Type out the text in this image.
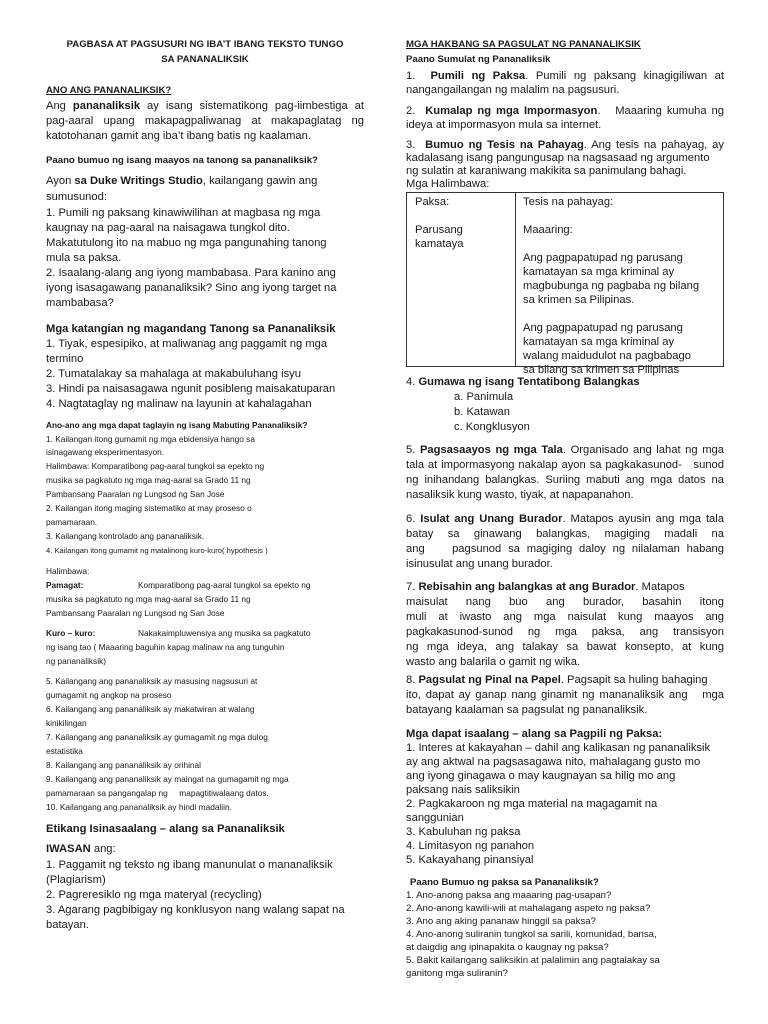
PAGBASA AT PAGSUSURI NG IBA’T IBANG TEKSTO TUNGO

SA PANANALIKSIK

ANO ANG PANANALIKSIK?

Ang pananaliksik ay isang sistematikong pag-iimbestiga at

pag-aaral upang makapagpaliwanag at makapaglatag ng

katotohanan gamit ang iba’t ibang batis ng kaalaman.

Paano bumuo ng isang maayos na tanong sa pananaliksik?

Ayon sa Duke Writings Studio, kailangang gawin ang

sumusunod:

1. Pumili ng paksang kinawiwilihan at magbasa ng mga

kaugnay na pag-aaral na naisagawa tungkol dito.

Makatutulong ito na mabuo ng mga pangunahing tanong

mula sa paksa.

2. Isaalang-alang ang iyong mambabasa. Para kanino ang

iyong isasagawang pananaliksik? Sino ang iyong target na

mambabasa?

Mga katangian ng magandang Tanong sa Pananaliksik

1. Tiyak, espesipiko, at maliwanag ang paggamit ng mga

termino

2. Tumatalakay sa mahalaga at makabuluhang isyu

3. Hindi pa naisasagawa ngunit posibleng maisakatuparan

4. Nagtataglay ng malinaw na layunin at kahalagahan

Ano-ano ang mga dapat taglayin ng isang Mabuting Pananaliksik?

1. Kailangan itong gumamit ng mga ebidensiya hango sa

isinagawang eksperimentasyon.

Halimbawa: Komparatibong pag-aaral tungkol sa epekto ng

musika sa pagkatuto ng mga mag-aaral sa Grado 11 ng

Pambansang Paaralan ng Lungsod ng San Jose

2. Kailangan itong maging sistematiko at may proseso o

pamamaraan.

3. Kailangang kontrolado ang pananaliksik.

4. Kailangan itong gumamit ng matalinong kuro-kuro( hypothesis )

Halimbawa:

Pamagat:	Komparatibong pag-aaral tungkol sa epekto ng

musika sa pagkatuto ng mga mag-aaral sa Grado 11 ng

Pambansang Paaralan ng Lungsod ng San Jose

Kuro – kuro:	Nakakaimpluwensiya ang musika sa pagkatuto

ng isang tao ( Maaaring baguhin kapag malinaw na ang tunguhin

ng pananaliksik)

5. Kailangang ang pananaliksik ay masusing nagsusuri at

gumagamit ng angkop na proseso

6. Kailangang ang pananaliksik ay makatwiran at walang

kinikilingan

7. Kailangang ang pananaliksik ay gumagamit ng mga dulog

estatistika

8. Kailangang ang pananaliksik ay orihinal

9. Kailangang ang pananaliksik ay maingat na gumagamit ng mga

pamamaraan sa pangangalap ng     mapagtitiwalaang datos.

10. Kailangang ang pananaliksik ay hindi madaliin.

Etikang Isinasaalang – alang sa Pananaliksik

IWASAN ang:

1. Paggamit ng teksto ng ibang manunulat o mananaliksik

(Plagiarism)

2. Pagreresiklo ng mga materyal (recycling)

3. Agarang pagbibigay ng konklusyon nang walang sapat na

batayan.

MGA HAKBANG SA PAGSULAT NG PANANALIKSIK

Paano Sumulat ng Pananaliksik

1.  Pumili ng Paksa. Pumili ng paksang kinagigiliwan at

nangangailangan ng malalim na pagsusuri.

2.  Kumalap ng mga Impormasyon.   Maaaring kumuha ng

ideya at impormasyon mula sa internet.

3.  Bumuo ng Tesis na Pahayag. Ang tesis na pahayag, ay

kadalasang isang pangungusap na nagsasaad ng argumento

ng sulatin at karaniwang makikita sa panimulang bahagi.

Mga Halimbawa:

Paksa:

Parusang

kamataya

Tesis na pahayag:

Maaaring:

Ang pagpapatupad ng parusang

kamatayan sa mga kriminal ay

magbubunga ng pagbaba ng bilang

sa krimen sa Pilipinas.

Ang pagpapatupad ng parusang

kamatayan sa mga kriminal ay

walang maidudulot na pagbabago

sa bilang sa krimen sa Pilipinas

4. Gumawa ng isang Tentatibong Balangkas

a. Panimula

b. Katawan

c. Kongklusyon

5. Pagsasaayos ng mga Tala. Organisado ang lahat ng mga

tala at impormasyong nakalap ayon sa pagkakasunod-   sunod

ng inihandang balangkas. Suriing mabuti ang mga datos na

nasaliksik kung wasto, tiyak, at napapanahon.

6. Isulat ang Unang Burador. Matapos ayusin ang mga tala

batay sa ginawang balangkas, magiging madali na

ang    pagsunod sa magiging daloy ng nilalaman habang

isinusulat ang unang burador.

7. Rebisahin ang balangkas at ang Burador. Matapos

maisulat nang buo ang burador, basahin itong

muli at iwasto ang mga naisulat kung maayos ang

pagkakasunod-sunod ng mga paksa, ang transisyon

ng mga ideya, ang talakay sa bawat konsepto, at kung

wasto ang balarila o gamit ng wika.

8. Pagsulat ng Pinal na Papel. Pagsapit sa huling bahaging

ito, dapat ay ganap nang ginamit ng mananaliksik ang   mga

batayang kaalaman sa pagsulat ng pananaliksik.

Mga dapat isaalang – alang sa Pagpili ng Paksa:

1. Interes at kakayahan – dahil ang kalikasan ng pananaliksik

ay ang aktwal na pagsasagawa nito, mahalagang gusto mo

ang iyong ginagawa o may kaugnayan sa hilig mo ang

paksang nais saliksikin

2. Pagkakaroon ng mga material na magagamit na

sanggunian

3. Kabuluhan ng paksa

4. Limitasyon ng panahon

5. Kakayahang pinansiyal

Paano Bumuo ng paksa sa Pananaliksik?

1. Ano-anong paksa ang maaaring pag-usapan?

2. Ano-anong kawili-wili at mahalagang aspeto ng paksa?

3. Ano ang aking pananaw hinggil sa paksa?

4. Ano-anong suliranin tungkol sa sarili, komunidad, bansa,

at daigdig ang ipinapakita o kaugnay ng paksa?

5. Bakit kailangang saliksikin at palalimin ang pagtalakay sa

ganitong mga suliranin?
